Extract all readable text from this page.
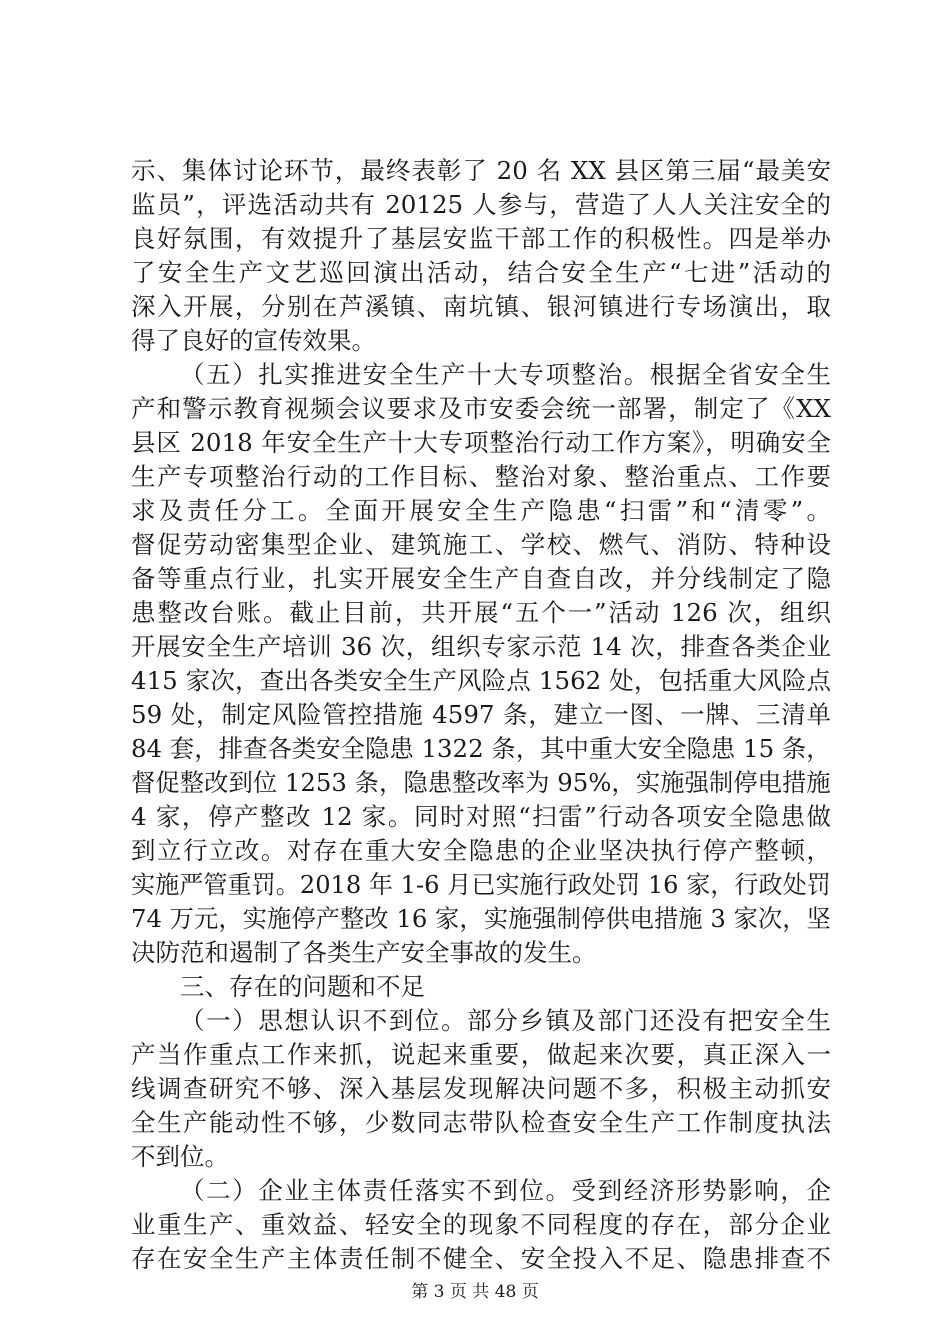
示、集体讨论环节，最终表彰了 20 名 XX 县区第三届“最美安
监员”，评选活动共有 20125 人参与，营造了人人关注安全的
良好氛围，有效提升了基层安监干部工作的积极性。四是举办
了安全生产文艺巡回演出活动，结合安全生产“七进”活动的
深入开展，分别在芦溪镇、南坑镇、银河镇进行专场演出，取
得了良好的宣传效果。
（五）扎实推进安全生产十大专项整治。根据全省安全生
产和警示教育视频会议要求及市安委会统一部署，制定了《XX
县区 2018 年安全生产十大专项整治行动工作方案》，明确安全
生产专项整治行动的工作目标、整治对象、整治重点、工作要
求及责任分工。全面开展安全生产隐患“扫雷”和“清零”。
督促劳动密集型企业、建筑施工、学校、燃气、消防、特种设
备等重点行业，扎实开展安全生产自查自改，并分线制定了隐
患整改台账。截止目前，共开展“五个一”活动 126 次，组织
开展安全生产培训 36 次，组织专家示范 14 次，排查各类企业
415 家次，查出各类安全生产风险点 1562 处，包括重大风险点
59 处，制定风险管控措施 4597 条，建立一图、一牌、三清单
84 套，排查各类安全隐患 1322 条，其中重大安全隐患 15 条，
督促整改到位 1253 条，隐患整改率为 95%，实施强制停电措施
4 家，停产整改 12 家。同时对照“扫雷”行动各项安全隐患做
到立行立改。对存在重大安全隐患的企业坚决执行停产整顿，
实施严管重罚。2018 年 1-6 月已实施行政处罚 16 家，行政处罚
74 万元，实施停产整改 16 家，实施强制停供电措施 3 家次，坚
决防范和遏制了各类生产安全事故的发生。
三、存在的问题和不足
（一）思想认识不到位。部分乡镇及部门还没有把安全生
产当作重点工作来抓，说起来重要，做起来次要，真正深入一
线调查研究不够、深入基层发现解决问题不多，积极主动抓安
全生产能动性不够，少数同志带队检查安全生产工作制度执法
不到位。
（二）企业主体责任落实不到位。受到经济形势影响，企
业重生产、重效益、轻安全的现象不同程度的存在，部分企业
存在安全生产主体责任制不健全、安全投入不足、隐患排查不
第 3 页 共 48 页
